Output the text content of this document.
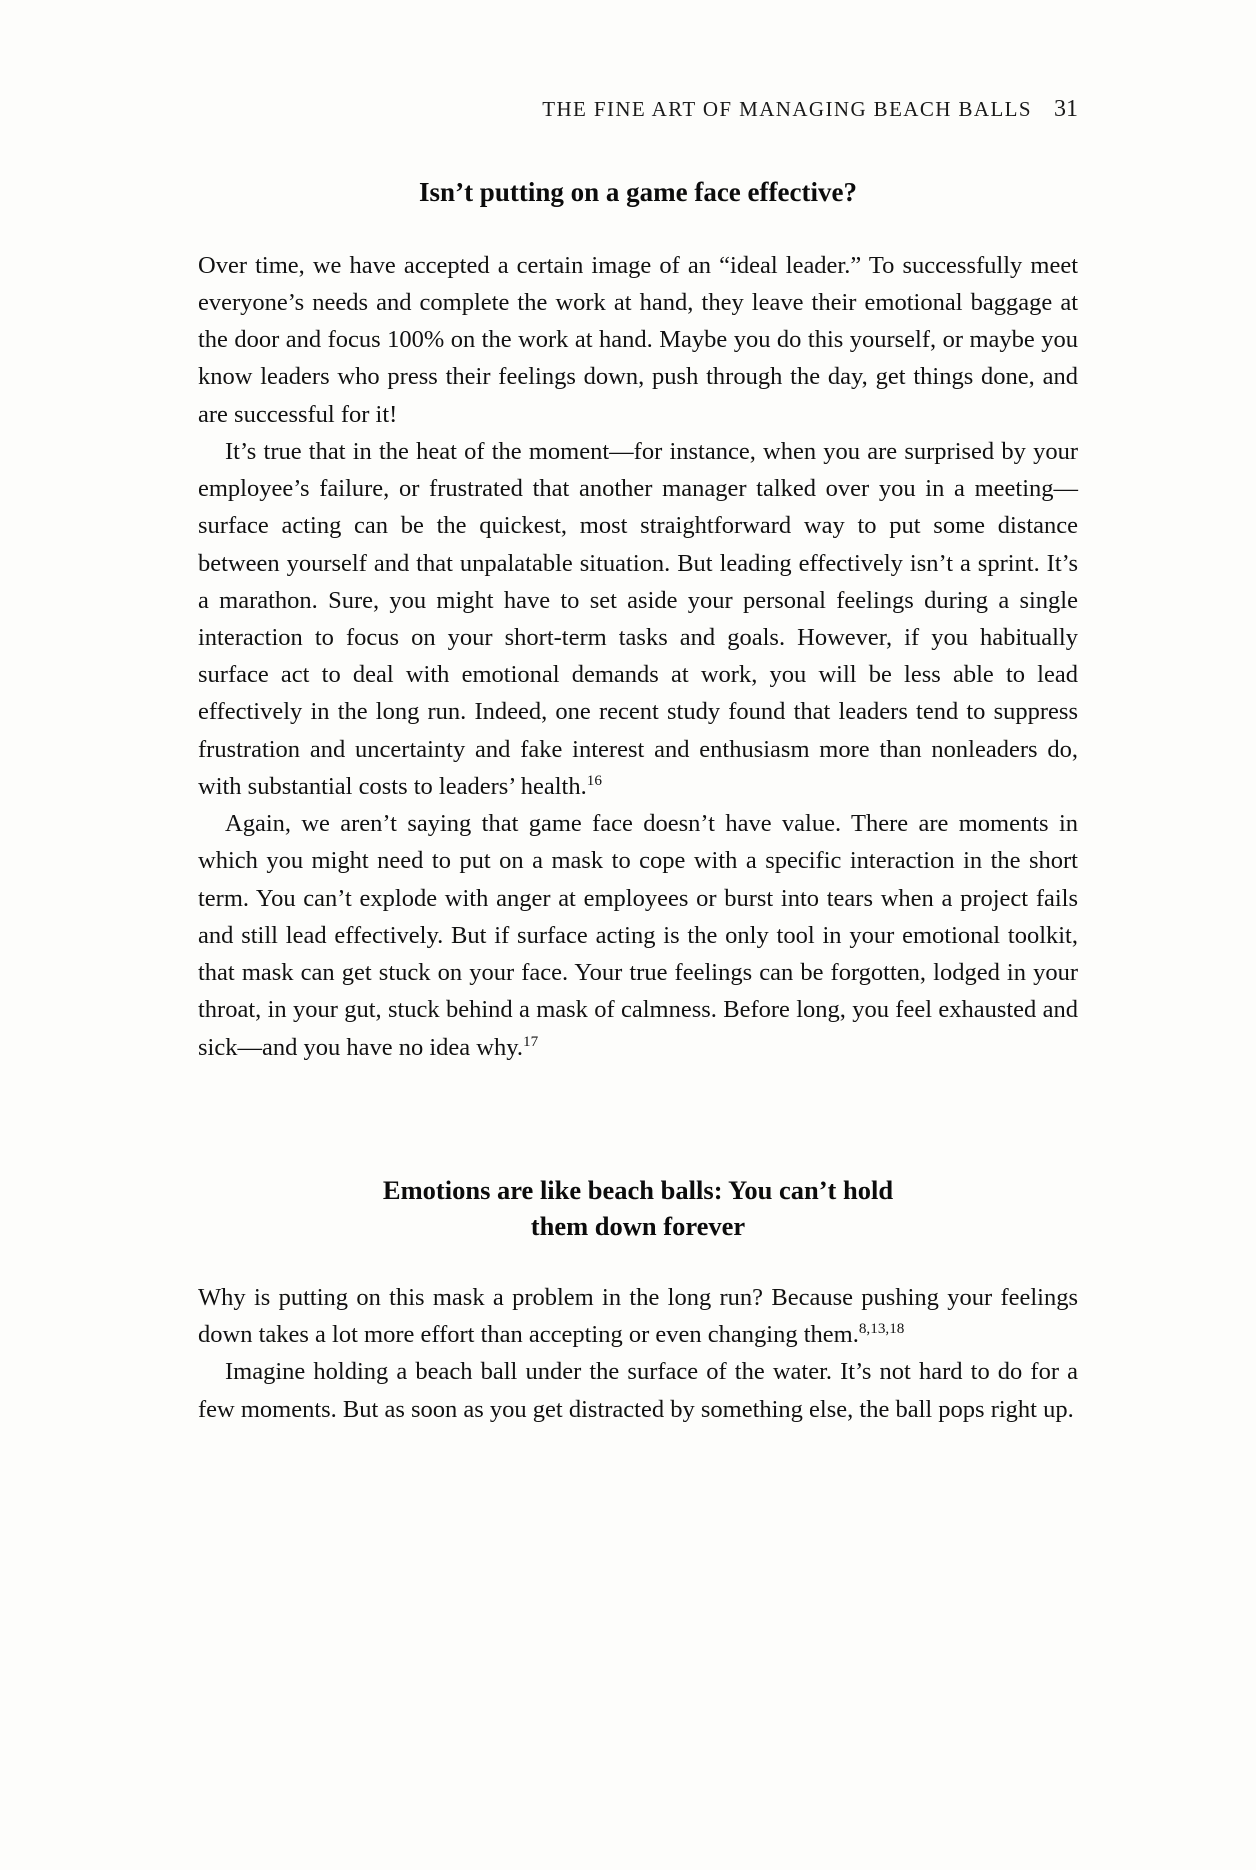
THE FINE ART OF MANAGING BEACH BALLS 31
Isn’t putting on a game face effective?

Over time, we have accepted a certain image of an “ideal leader.” To successfully meet everyone’s needs and complete the work at hand, they leave their emotional baggage at the door and focus 100% on the work at hand. Maybe you do this yourself, or maybe you know leaders who press their feelings down, push through the day, get things done, and are successful for it!

It’s true that in the heat of the moment—for instance, when you are surprised by your employee’s failure, or frustrated that another manager talked over you in a meeting—surface acting can be the quickest, most straightforward way to put some distance between yourself and that unpalatable situation. But leading effectively isn’t a sprint. It’s a marathon. Sure, you might have to set aside your personal feelings during a single interaction to focus on your short-term tasks and goals. However, if you habitually surface act to deal with emotional demands at work, you will be less able to lead effectively in the long run. Indeed, one recent study found that leaders tend to suppress frustration and uncertainty and fake interest and enthusiasm more than nonleaders do, with substantial costs to leaders’ health.$^{16}$

Again, we aren’t saying that game face doesn’t have value. There are moments in which you might need to put on a mask to cope with a specific interaction in the short term. You can’t explode with anger at employees or burst into tears when a project fails and still lead effectively. But if surface acting is the only tool in your emotional toolkit, that mask can get stuck on your face. Your true feelings can be forgotten, lodged in your throat, in your gut, stuck behind a mask of calmness. Before long, you feel exhausted and sick—and you have no idea why.$^{17}$

Emotions are like beach balls: You can’t hold
them down forever

Why is putting on this mask a problem in the long run? Because pushing your feelings down takes a lot more effort than accepting or even changing them.$^{8,13,18}$

Imagine holding a beach ball under the surface of the water. It’s not hard to do for a few moments. But as soon as you get distracted by something else, the ball pops right up.
